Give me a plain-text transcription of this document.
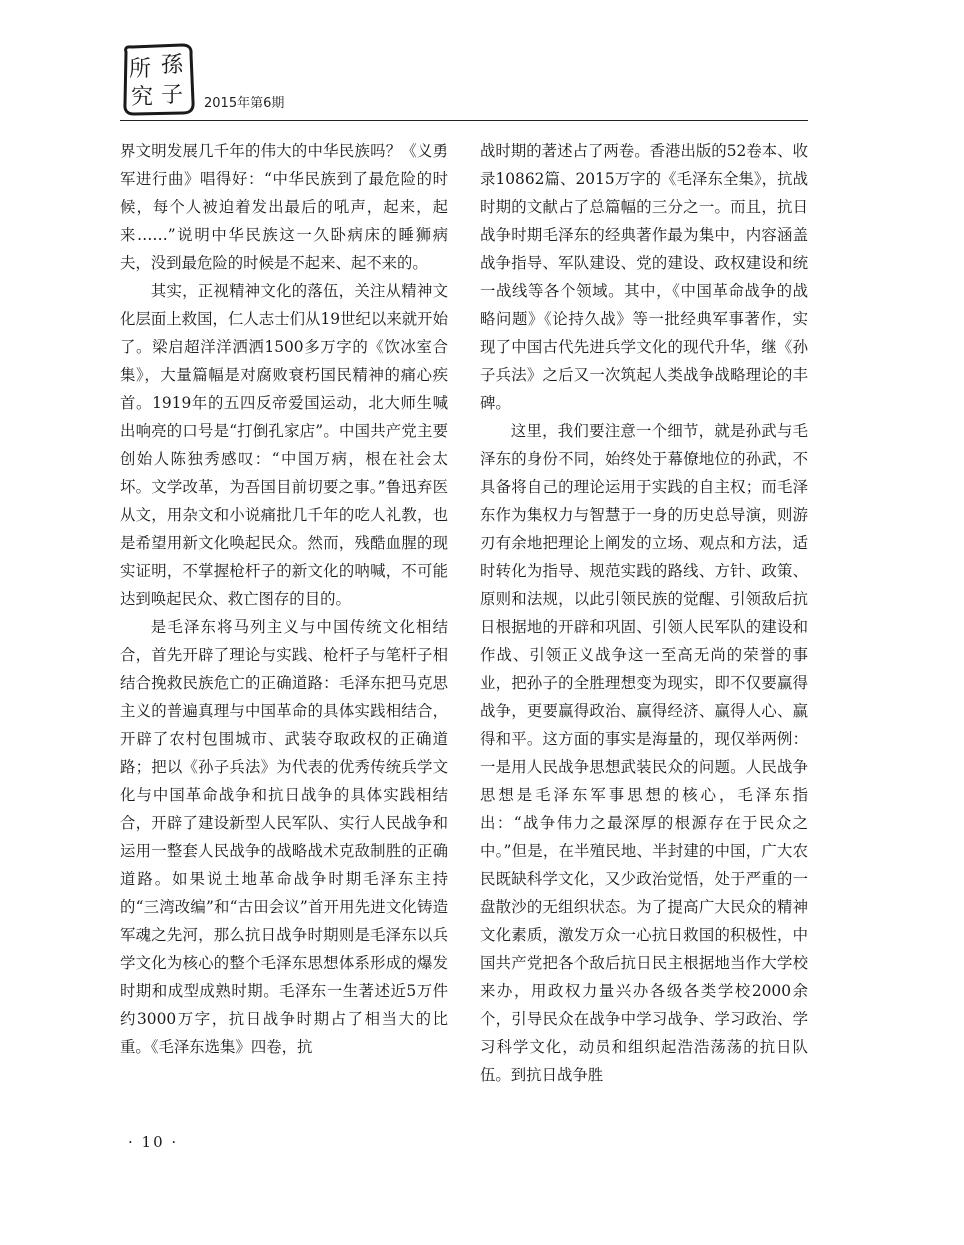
所 孫
究 子 2015年第6期

界文明发展几千年的伟大的中华民族吗？《义勇军进行曲》唱得好：“中华民族到了最危险的时候，每个人被迫着发出最后的吼声，起来，起来……”说明中华民族这一久卧病床的睡狮病夫，没到最危险的时候是不起来、起不来的。

其实，正视精神文化的落伍，关注从精神文化层面上救国，仁人志士们从19世纪以来就开始了。梁启超洋洋洒洒1500多万字的《饮冰室合集》，大量篇幅是对腐败衰朽国民精神的痛心疾首。1919年的五四反帝爱国运动，北大师生喊出响亮的口号是“打倒孔家店”。中国共产党主要创始人陈独秀感叹：“中国万病，根在社会太坏。文学改革，为吾国目前切要之事。”鲁迅弃医从文，用杂文和小说痛批几千年的吃人礼教，也是希望用新文化唤起民众。然而，残酷血腥的现实证明，不掌握枪杆子的新文化的呐喊，不可能达到唤起民众、救亡图存的目的。

是毛泽东将马列主义与中国传统文化相结合，首先开辟了理论与实践、枪杆子与笔杆子相结合挽救民族危亡的正确道路：毛泽东把马克思主义的普遍真理与中国革命的具体实践相结合，开辟了农村包围城市、武装夺取政权的正确道路；把以《孙子兵法》为代表的优秀传统兵学文化与中国革命战争和抗日战争的具体实践相结合，开辟了建设新型人民军队、实行人民战争和运用一整套人民战争的战略战术克敌制胜的正确道路。如果说土地革命战争时期毛泽东主持的“三湾改编”和“古田会议”首开用先进文化铸造军魂之先河，那么抗日战争时期则是毛泽东以兵学文化为核心的整个毛泽东思想体系形成的爆发时期和成型成熟时期。毛泽东一生著述近5万件约3000万字，抗日战争时期占了相当大的比重。《毛泽东选集》四卷，抗

战时期的著述占了两卷。香港出版的52卷本、收录10862篇、2015万字的《毛泽东全集》，抗战时期的文献占了总篇幅的三分之一。而且，抗日战争时期毛泽东的经典著作最为集中，内容涵盖战争指导、军队建设、党的建设、政权建设和统一战线等各个领域。其中，《中国革命战争的战略问题》《论持久战》等一批经典军事著作，实现了中国古代先进兵学文化的现代升华，继《孙子兵法》之后又一次筑起人类战争战略理论的丰碑。

这里，我们要注意一个细节，就是孙武与毛泽东的身份不同，始终处于幕僚地位的孙武，不具备将自己的理论运用于实践的自主权；而毛泽东作为集权力与智慧于一身的历史总导演，则游刃有余地把理论上阐发的立场、观点和方法，适时转化为指导、规范实践的路线、方针、政策、原则和法规，以此引领民族的觉醒、引领敌后抗日根据地的开辟和巩固、引领人民军队的建设和作战、引领正义战争这一至高无尚的荣誉的事业，把孙子的全胜理想变为现实，即不仅要赢得战争，更要赢得政治、赢得经济、赢得人心、赢得和平。这方面的事实是海量的，现仅举两例：一是用人民战争思想武装民众的问题。人民战争思想是毛泽东军事思想的核心，毛泽东指出：“战争伟力之最深厚的根源存在于民众之中。”但是，在半殖民地、半封建的中国，广大农民既缺科学文化，又少政治觉悟，处于严重的一盘散沙的无组织状态。为了提高广大民众的精神文化素质，激发万众一心抗日救国的积极性，中国共产党把各个敌后抗日民主根据地当作大学校来办，用政权力量兴办各级各类学校2000余个，引导民众在战争中学习战争、学习政治、学习科学文化，动员和组织起浩浩荡荡的抗日队伍。到抗日战争胜

· 10 ·
